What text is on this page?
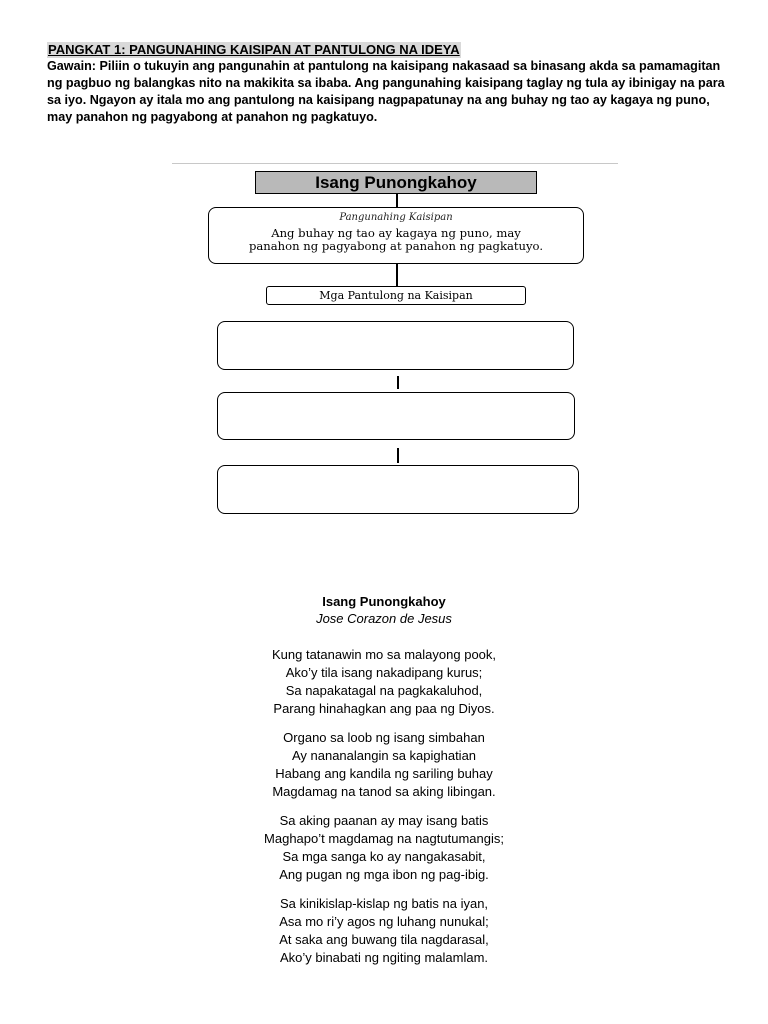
PANGKAT 1: PANGUNAHING KAISIPAN AT PANTULONG NA IDEYA
Gawain: Piliin o tukuyin ang pangunahin at pantulong na kaisipang nakasaad sa binasang akda sa pamamagitan ng pagbuo ng balangkas nito na makikita sa ibaba. Ang pangunahing kaisipang taglay ng tula ay ibinigay na para sa iyo. Ngayon ay itala mo ang pantulong na kaisipang nagpapatunay na ang buhay ng tao ay kagaya ng puno, may panahon ng pagyabong at panahon ng pagkatuyo.
Isang Punongkahoy
Pangunahing Kaisipan
Ang buhay ng tao ay kagaya ng puno, may
panahon ng pagyabong at panahon ng pagkatuyo.
Mga Pantulong na Kaisipan
Isang Punongkahoy
Jose Corazon de Jesus
Kung tatanawin mo sa malayong pook,
Ako’y tila isang nakadipang kurus;
Sa napakatagal na pagkakaluhod,
Parang hinahagkan ang paa ng Diyos.
Organo sa loob ng isang simbahan
Ay nananalangin sa kapighatian
Habang ang kandila ng sariling buhay
Magdamag na tanod sa aking libingan.
Sa aking paanan ay may isang batis
Maghapo’t magdamag na nagtutumangis;
Sa mga sanga ko ay nangakasabit,
Ang pugan ng mga ibon ng pag-ibig.
Sa kinikislap-kislap ng batis na iyan,
Asa mo ri’y agos ng luhang nunukal;
At saka ang buwang tila nagdarasal,
Ako’y binabati ng ngiting malamlam.
